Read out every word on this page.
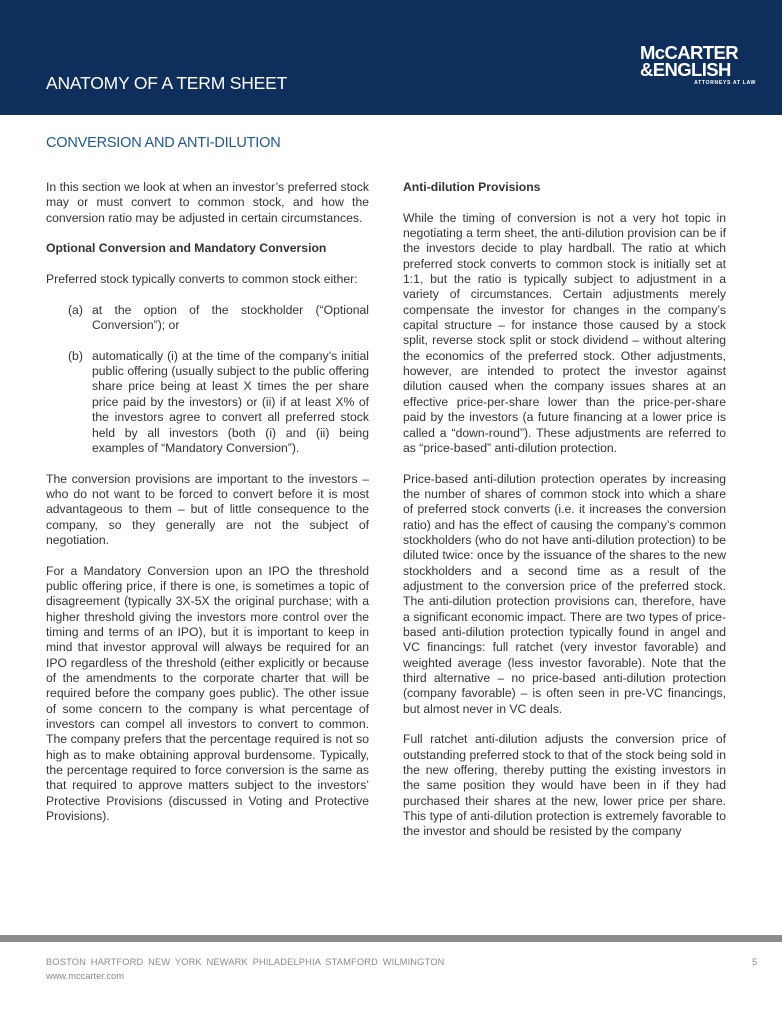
ANATOMY OF A TERM SHEET
McCARTER
&ENGLISH
ATTORNEYS AT LAW
CONVERSION AND ANTI-DILUTION

In this section we look at when an investor’s preferred stock may or must convert to common stock, and how the conversion ratio may be adjusted in certain circumstances.

Optional Conversion and Mandatory Conversion

Preferred stock typically converts to common stock either:

(a) at the option of the stockholder (“Optional Conversion”); or
(b) automatically (i) at the time of the company’s initial public offering (usually subject to the public offering share price being at least X times the per share price paid by the investors) or (ii) if at least X% of the investors agree to convert all preferred stock held by all investors (both (i) and (ii) being examples of “Mandatory Conversion”).

The conversion provisions are important to the investors – who do not want to be forced to convert before it is most advantageous to them – but of little consequence to the company, so they generally are not the subject of negotiation.

For a Mandatory Conversion upon an IPO the threshold public offering price, if there is one, is sometimes a topic of disagreement (typically 3X-5X the original purchase; with a higher threshold giving the investors more control over the timing and terms of an IPO), but it is important to keep in mind that investor approval will always be required for an IPO regardless of the threshold (either explicitly or because of the amendments to the corporate charter that will be required before the company goes public). The other issue of some concern to the company is what percentage of investors can compel all investors to convert to common. The company prefers that the percentage required is not so high as to make obtaining approval burdensome. Typically, the percentage required to force conversion is the same as that required to approve matters subject to the investors’ Protective Provisions (discussed in Voting and Protective Provisions).

Anti-dilution Provisions

While the timing of conversion is not a very hot topic in negotiating a term sheet, the anti-dilution provision can be if the investors decide to play hardball. The ratio at which preferred stock converts to common stock is initially set at 1:1, but the ratio is typically subject to adjustment in a variety of circumstances. Certain adjustments merely compensate the investor for changes in the company’s capital structure – for instance those caused by a stock split, reverse stock split or stock dividend – without altering the economics of the preferred stock. Other adjustments, however, are intended to protect the investor against dilution caused when the company issues shares at an effective price-per-share lower than the price-per-share paid by the investors (a future financing at a lower price is called a “down-round”). These adjustments are referred to as “price-based” anti-dilution protection.

Price-based anti-dilution protection operates by increasing the number of shares of common stock into which a share of preferred stock converts (i.e. it increases the conversion ratio) and has the effect of causing the company’s common stockholders (who do not have anti-dilution protection) to be diluted twice: once by the issuance of the shares to the new stockholders and a second time as a result of the adjustment to the conversion price of the preferred stock. The anti-dilution protection provisions can, therefore, have a significant economic impact. There are two types of price-based anti-dilution protection typically found in angel and VC financings: full ratchet (very investor favorable) and weighted average (less investor favorable). Note that the third alternative – no price-based anti-dilution protection (company favorable) – is often seen in pre-VC financings, but almost never in VC deals.

Full ratchet anti-dilution adjusts the conversion price of outstanding preferred stock to that of the stock being sold in the new offering, thereby putting the existing investors in the same position they would have been in if they had purchased their shares at the new, lower price per share. This type of anti-dilution protection is extremely favorable to the investor and should be resisted by the company

BOSTON HARTFORD NEW YORK NEWARK PHILADELPHIA STAMFORD WILMINGTON
www.mccarter.com
5
